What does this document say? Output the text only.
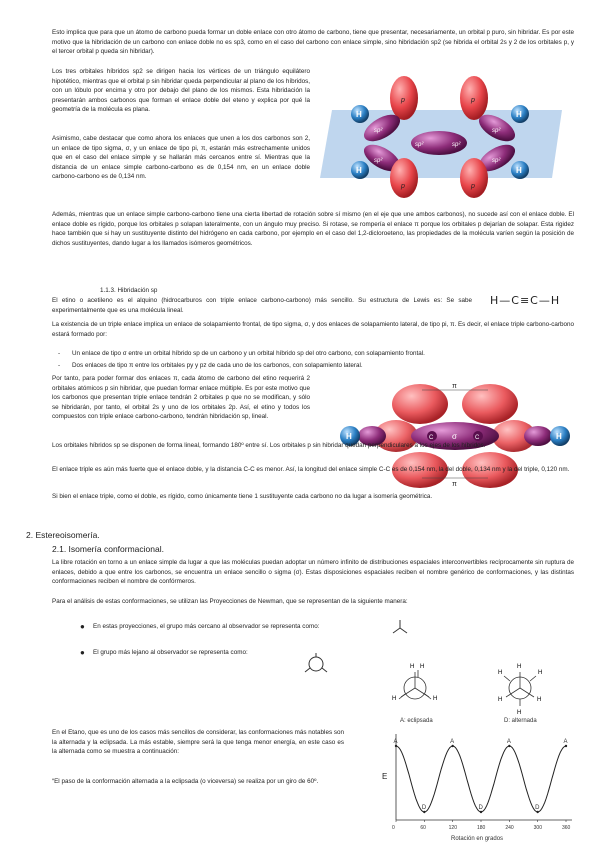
Esto implica que para que un átomo de carbono pueda formar un doble enlace con otro átomo de carbono, tiene que presentar, necesariamente, un orbital p puro, sin hibridar. Es por este motivo que la hibridación de un carbono con enlace doble no es sp3, como en el caso del carbono con enlace simple, sino hibridación sp2 (se hibrida el orbital 2s y 2 de los orbitales p, y el tercer orbital p queda sin hibridar).

Los tres orbitales híbridos sp2 se dirigen hacia los vértices de un triángulo equilátero hipotético, mientras que el orbital p sin hibridar queda perpendicular al plano de los híbridos, con un lóbulo por encima y otro por debajo del plano de los mismos. Esta hibridación la presentarán ambos carbonos que forman el enlace doble del eteno y explica por qué la geometría de la molécula es plana.

H
H
H
H
p	p
p	p
sp²
sp²
sp²	sp²
sp²
sp²

Asimismo, cabe destacar que como ahora los enlaces que unen a los dos carbonos son 2, un enlace de tipo sigma, σ, y un enlace de tipo pi, π, estarán más estrechamente unidos que en el caso del enlace simple y se hallarán más cercanos entre sí. Mientras que la distancia de un enlace simple carbono-carbono es de 0,154 nm, en un enlace doble carbono-carbono es de 0,134 nm.

Además, mientras que un enlace simple carbono-carbono tiene una cierta libertad de rotación sobre sí mismo (en el eje que une ambos carbonos), no sucede así con el enlace doble. El enlace doble es rígido, porque los orbitales p solapan lateralmente, con un ángulo muy preciso. Si rotase, se rompería el enlace π porque los orbitales p dejarían de solapar. Esta rigidez hace también que si hay un sustituyente distinto del hidrógeno en cada carbono, por ejemplo en el caso del 1,2-dicloroeteno, las propiedades de la molécula varíen según la posición de dichos sustituyentes, dando lugar a los llamados isómeros geométricos.

1.1.3. Hibridación sp

El etino o acetileno es el alquino (hidrocarburos con triple enlace carbono-carbono) más sencillo. Su estructura de Lewis es: Se sabe experimentalmente que es una molécula lineal.

H—C≡C—H

La existencia de un triple enlace implica un enlace de solapamiento frontal, de tipo sigma, σ, y dos enlaces de solapamiento lateral, de tipo pi, π. Es decir, el enlace triple carbono-carbono estará formado por:

- Un enlace de tipo σ entre un orbital híbrido sp de un carbono y un orbital híbrido sp del otro carbono, con solapamiento frontal.

- Dos enlaces de tipo π entre los orbitales py y pz de cada uno de los carbonos, con solapamiento lateral.

Por tanto, para poder formar dos enlaces π, cada átomo de carbono del etino requerirá 2 orbitales atómicos p sin hibridar, que puedan formar enlace múltiple. Es por este motivo que los carbonos que presentan triple enlace tendrán 2 orbitales p que no se modifican, y sólo se hibridarán, por tanto, el orbital 2s y uno de los orbitales 2p. Así, el etino y todos los compuestos con triple enlace carbono-carbono, tendrán hibridación sp, lineal.

H	H
C	C
σ
π
π

Los orbitales híbridos sp se disponen de forma lineal, formando 180º entre sí. Los orbitales p sin hibridar quedan perpendiculares a los ejes de los híbridos.

El enlace triple es aún más fuerte que el enlace doble, y la distancia C-C es menor. Así, la longitud del enlace simple C-C es de 0,154 nm, la del doble, 0,134 nm y la del triple, 0,120 nm.

Si bien el enlace triple, como el doble, es rígido, como únicamente tiene 1 sustituyente cada carbono no da lugar a isomería geométrica.

2. Estereoisomería.

2.1. Isomería conformacional.

La libre rotación en torno a un enlace simple da lugar a que las moléculas puedan adoptar un número infinito de distribuciones espaciales interconvertibles recíprocamente sin ruptura de enlaces, debido a que entre los carbonos, se encuentra un enlace sencillo o sigma (σ). Estas disposiciones espaciales reciben el nombre genérico de conformaciones, y las distintas conformaciones reciben el nombre de confórmeros.

Para el análisis de estas conformaciones, se utilizan las Proyecciones de Newman, que se representan de la siguiente manera:

● En estas proyecciones, el grupo más cercano al observador se representa como:

● El grupo más lejano al observador se representa como:

H H
H	H
A: eclipsada
H
H	H
H	H
H
D: alternada

En el Etano, que es uno de los casos más sencillos de considerar, las conformaciones más notables son la alternada y la eclipsada. La más estable, siempre será la que tenga menor energía, en este caso es la alternada como se muestra a continuación:

“El paso de la conformación alternada a la eclipsada (o viceversa) se realiza por un giro de 60º.

A
0
D
60
A
120
D
180
A
240
D
300
A
360
E
Rotación en grados
